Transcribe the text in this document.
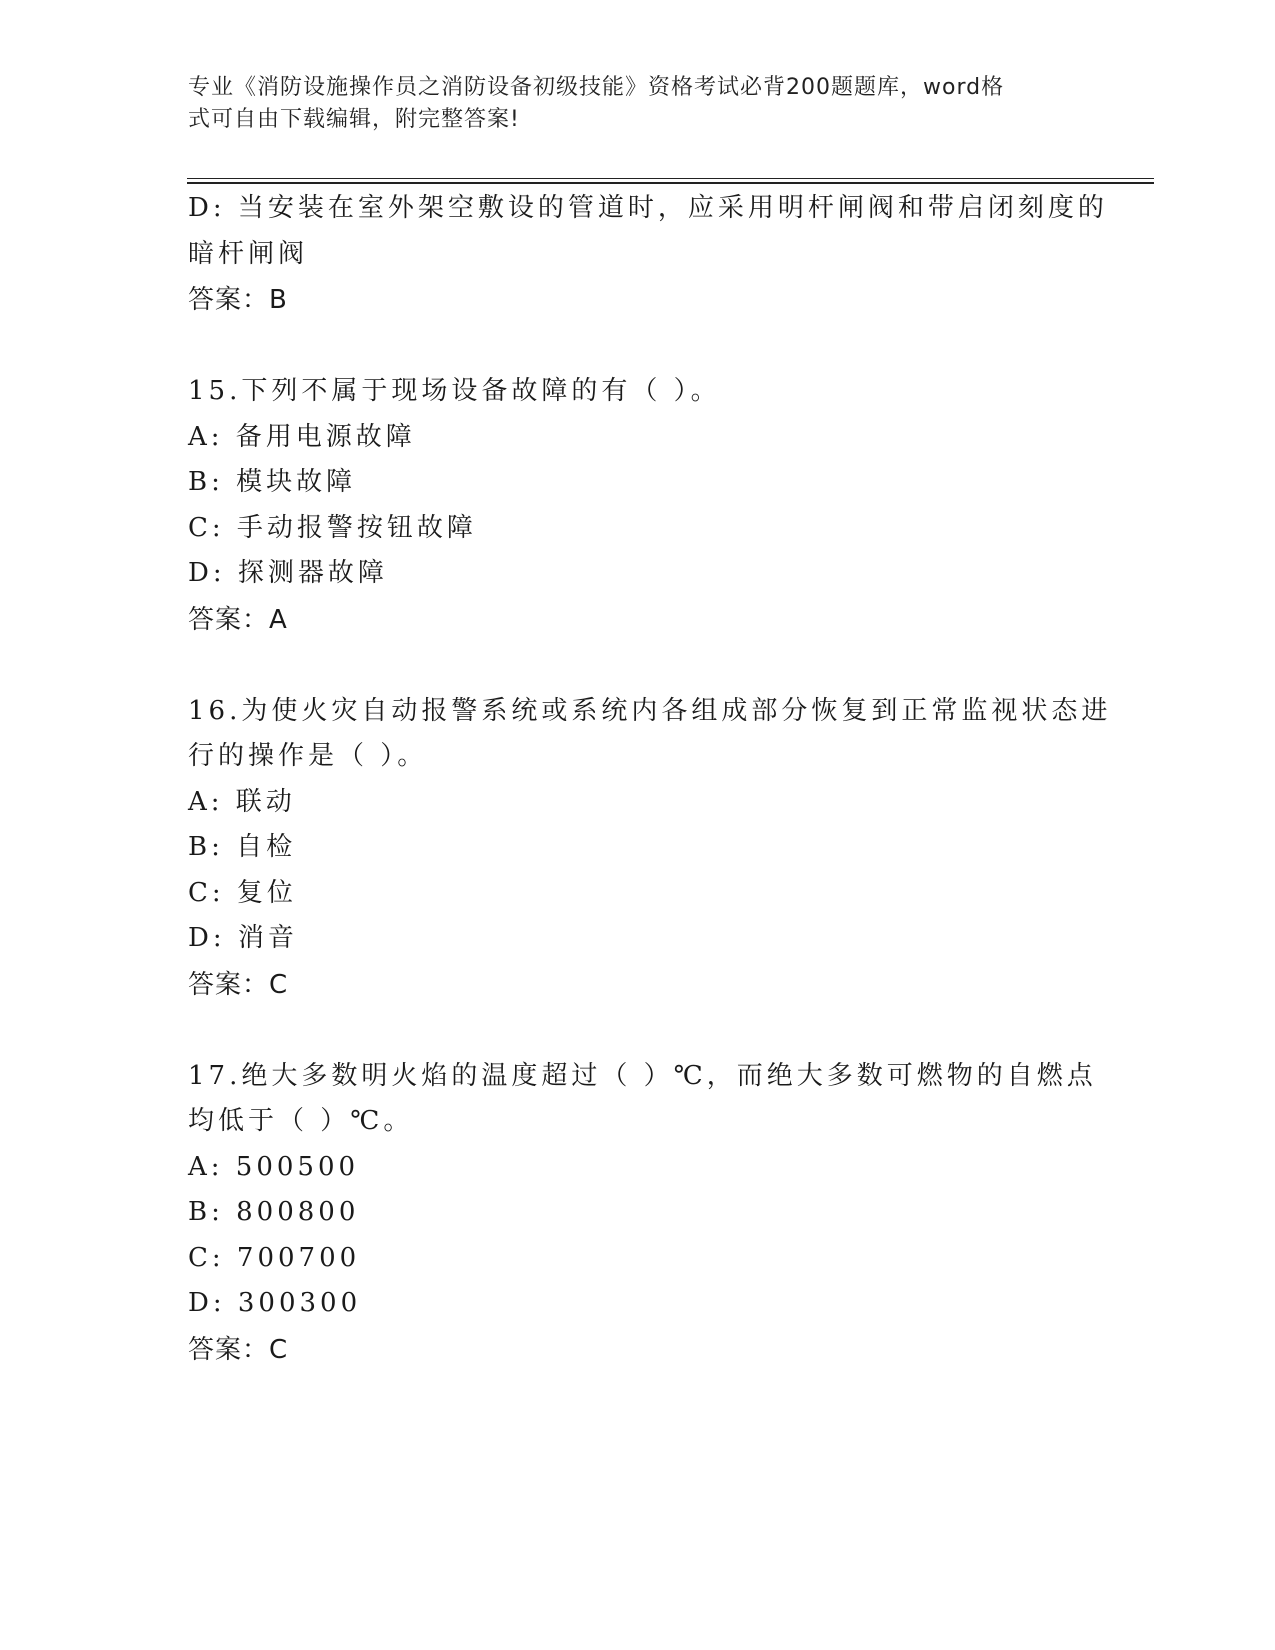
专业《消防设施操作员之消防设备初级技能》资格考试必背200题题库，word格
式可自由下载编辑，附完整答案!
D: 当安装在室外架空敷设的管道时，应采用明杆闸阀和带启闭刻度的
暗杆闸阀
答案：B
15.下列不属于现场设备故障的有（ ）。
A: 备用电源故障
B: 模块故障
C: 手动报警按钮故障
D: 探测器故障
答案：A
16.为使火灾自动报警系统或系统内各组成部分恢复到正常监视状态进
行的操作是（ ）。
A: 联动
B: 自检
C: 复位
D: 消音
答案：C
17.绝大多数明火焰的温度超过（ ）℃，而绝大多数可燃物的自燃点
均低于（ ）℃。
A: 500500
B: 800800
C: 700700
D: 300300
答案：C
